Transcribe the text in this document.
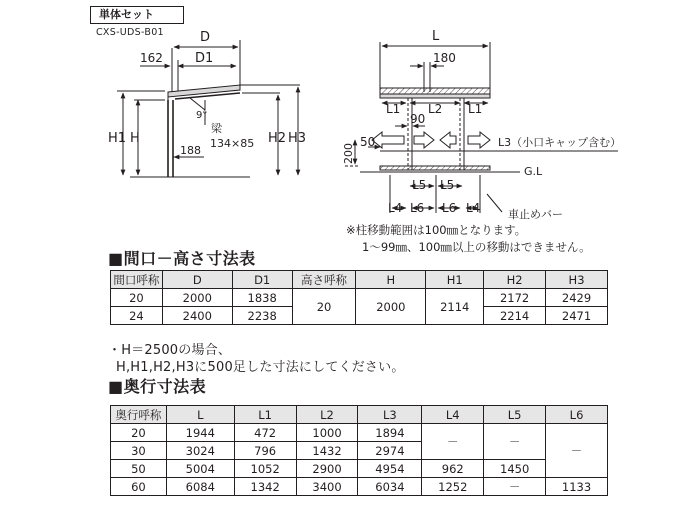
単体セット
CXS-UDS-B01	D
D1
162
9°
梁
134×85
188
H
H1	H2 H3
L
180
L1 L2 L1
90
50	L3（小口キャップ含む）
200
G.L
L5 L5
L4 L6 L6 L4	車止めバー
※柱移動範囲は100㎜となります。
1～99㎜、100㎜以上の移動はできません。
■間口－高さ寸法表
間口呼称	D	D1	高さ呼称	H	H1	H2	H3
20	2000	1838	20	2000	2114	2172	2429
24	2400	2238				2214	2471
・H＝2500の場合、
H,H1,H2,H3に500足した寸法にしてください。
■奥行寸法表
奥行呼称	L	L1	L2	L3	L4	L5	L6
20	1944	472	1000	1894	－	－	－
30	3024	796	1432	2974			
50	5004	1052	2900	4954	962	1450	
60	6084	1342	3400	6034	1252	－	1133
